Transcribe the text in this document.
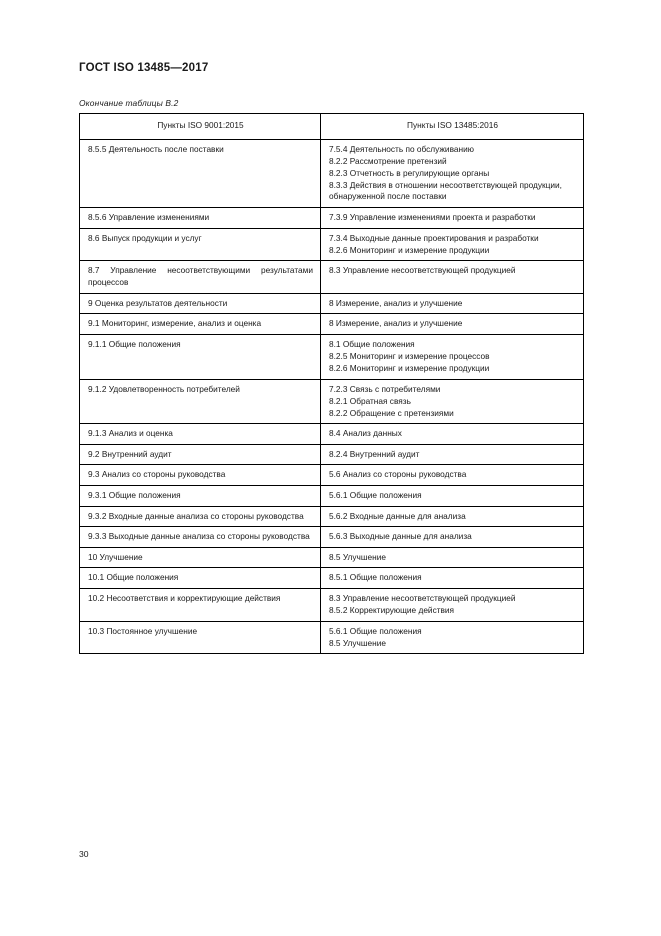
ГОСТ ISO 13485—2017
Окончание таблицы В.2
Пункты ISO 9001:2015	Пункты ISO 13485:2016

8.5.5 Деятельность после поставки	7.5.4 Деятельность по обслуживанию
8.2.2 Рассмотрение претензий
8.2.3 Отчетность в регулирующие органы
8.3.3 Действия в отношении несоответствующей продукции, обнаруженной после поставки

8.5.6 Управление изменениями	7.3.9 Управление изменениями проекта и разработки

8.6 Выпуск продукции и услуг	7.3.4 Выходные данные проектирования и разработки
8.2.6 Мониторинг и измерение продукции

8.7 Управление несоответствующими результатами процессов	8.3 Управление несоответствующей продукцией

9 Оценка результатов деятельности	8 Измерение, анализ и улучшение

9.1 Мониторинг, измерение, анализ и оценка	8 Измерение, анализ и улучшение

9.1.1 Общие положения	8.1 Общие положения
8.2.5 Мониторинг и измерение процессов
8.2.6 Мониторинг и измерение продукции

9.1.2 Удовлетворенность потребителей	7.2.3 Связь с потребителями
8.2.1 Обратная связь
8.2.2 Обращение с претензиями

9.1.3 Анализ и оценка	8.4 Анализ данных

9.2 Внутренний аудит	8.2.4 Внутренний аудит

9.3 Анализ со стороны руководства	5.6 Анализ со стороны руководства

9.3.1 Общие положения	5.6.1 Общие положения

9.3.2 Входные данные анализа со стороны руководства	5.6.2 Входные данные для анализа

9.3.3 Выходные данные анализа со стороны руководства	5.6.3 Выходные данные для анализа

10 Улучшение	8.5 Улучшение

10.1 Общие положения	8.5.1 Общие положения

10.2 Несоответствия и корректирующие действия	8.3 Управление несоответствующей продукцией
8.5.2 Корректирующие действия

10.3 Постоянное улучшение	5.6.1 Общие положения
8.5 Улучшение
30
